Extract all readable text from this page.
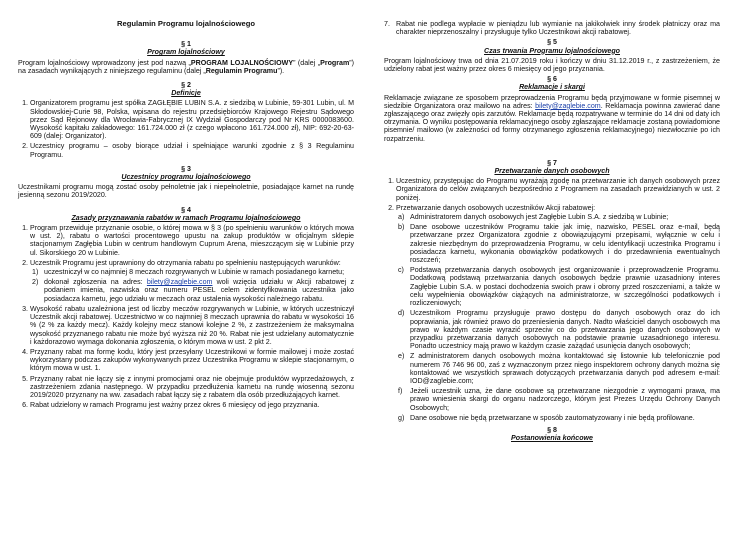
Regulamin Programu lojalnościowego
§ 1
Program lojalnościowy

Program lojalnościowy wprowadzony jest pod nazwą „PROGRAM LOJALNOŚCIOWY” (dalej „Program”) na zasadach wynikających z niniejszego regulaminu (dalej „Regulamin Programu”).

§ 2
Definicje
1. Organizatorem programu jest spółka ZAGŁĘBIE LUBIN S.A. z siedzibą w Lubinie, 59-301 Lubin, ul. M Skłodowskiej-Curie 98, Polska, wpisana do rejestru przedsiębiorców Krajowego Rejestru Sądowego przez Sąd Rejonowy dla Wrocławia-Fabrycznej IX Wydział Gospodarczy pod Nr KRS 0000083600. Wysokość kapitału zakładowego: 161.724.000 zł (z czego wpłacono 161.724.000 zł), NIP: 692-20-63-609 (dalej: Organizator).
2. Uczestnicy programu – osoby biorące udział i spełniające warunki zgodnie z § 3 Regulaminu Programu.
§ 3
Uczestnicy programu lojalnościowego

Uczestnikami programu mogą zostać osoby pełnoletnie jak i niepełnoletnie, posiadające karnet na rundę jesienną sezonu 2019/2020.

§ 4
Zasady przyznawania rabatów w ramach Programu lojalnościowego
1. Program przewiduje przyznanie osobie, o której mowa w § 3 (po spełnieniu warunków o których mowa w ust. 2), rabatu o wartości procentowego upustu na zakup produktów w oficjalnym sklepie stacjonarnym Zagłębia Lubin w centrum handlowym Cuprum Arena, mieszczącym się w Lubinie przy ul. Sikorskiego 20 w Lubinie.
2. Uczestnik Programu jest uprawniony do otrzymania rabatu po spełnieniu następujących warunków:
1) uczestniczył w co najmniej 8 meczach rozgrywanych w Lubinie w ramach posiadanego karnetu;
2) dokonał zgłoszenia na adres: bilety@zaglebie.com woli wzięcia udziału w Akcji rabatowej z podaniem imienia, nazwiska oraz numeru PESEL celem zidentyfikowania uczestnika jako posiadacza karnetu, jego udziału w meczach oraz ustalenia wysokości należnego rabatu.
3. Wysokość rabatu uzależniona jest od liczby meczów rozgrywanych w Lubinie, w których uczestniczył Uczestnik akcji rabatowej. Uczestnictwo w co najmniej 8 meczach uprawnia do rabatu w wysokości 16 % (2 % za każdy mecz). Każdy kolejny mecz stanowi kolejne 2 %, z zastrzeżeniem że maksymalna wysokość przyznanego rabatu nie może być wyższa niż 20 %. Rabat nie jest udzielany automatycznie i każdorazowo wymaga dokonania zgłoszenia, o którym mowa w ust. 2 pkt 2.
4. Przyznany rabat ma formę kodu, który jest przesyłany Uczestnikowi w formie mailowej i może zostać wykorzystany podczas zakupów wykonywanych przez Uczestnika Programu w sklepie stacjonarnym, o którym mowa w ust. 1.
5. Przyznany rabat nie łączy się z innymi promocjami oraz nie obejmuje produktów wyprzedażowych, z zastrzeżeniem zdania następnego. W przypadku przedłużenia karnetu na rundę wiosenną sezonu 2019/2020 przyznany na ww. zasadach rabat łączy się z rabatem dla osób przedłużających karnet.
6. Rabat udzielony w ramach Programu jest ważny przez okres 6 miesięcy od jego przyznania.
7. Rabat nie podlega wypłacie w pieniądzu lub wymianie na jakikolwiek inny środek płatniczy oraz ma charakter nieprzenoszalny i przysługuje tylko Uczestnikowi akcji rabatowej.
§ 5
Czas trwania Programu lojalnościowego

Program lojalnościowy trwa od dnia 21.07.2019 roku i kończy w dniu 31.12.2019 r., z zastrzeżeniem, że udzielony rabat jest ważny przez okres 6 miesięcy od jego przyznania.

§ 6
Reklamacje i skargi

Reklamacje związane ze sposobem przeprowadzenia Programu będą przyjmowane w formie pisemnej w siedzibie Organizatora oraz mailowo na adres: bilety@zaglebie.com. Reklamacja powinna zawierać dane zgłaszającego oraz zwięzły opis zarzutów. Reklamacje będą rozpatrywane w terminie do 14 dni od daty ich otrzymania. O wyniku postępowania reklamacyjnego osoby zgłaszające reklamacje zostaną powiadomione pisemnie/ mailowo (w zależności od formy otrzymanego zgłoszenia reklamacyjnego) niezwłocznie po ich rozpatrzeniu.

§ 7
Przetwarzanie danych osobowych
1. Uczestnicy, przystępując do Programu wyrażają zgodę na przetwarzanie ich danych osobowych przez Organizatora do celów związanych bezpośrednio z Programem na zasadach przewidzianych w ust. 2 poniżej.
2. Przetwarzanie danych osobowych uczestników Akcji rabatowej:
a) Administratorem danych osobowych jest Zagłębie Lubin S.A. z siedzibą w Lubinie;
b) Dane osobowe uczestników Programu takie jak imię, nazwisko, PESEL oraz e-mail, będą przetwarzane przez Organizatora zgodnie z obowiązującymi przepisami, wyłącznie w celu i zakresie niezbędnym do przeprowadzenia Programu, w celu identyfikacji uczestnika Programu i posiadacza karnetu, wykonania obowiązków podatkowych i do przedawnienia ewentualnych roszczeń;
c) Podstawą przetwarzania danych osobowych jest organizowanie i przeprowadzenie Programu. Dodatkową podstawą przetwarzania danych osobowych będzie prawnie uzasadniony interes Zagłębie Lubin S.A. w postaci dochodzenia swoich praw i obrony przed roszczeniami, a także w celu wypełnienia obowiązków ciążących na administratorze, w szczególności podatkowych i rozliczeniowych;
d) Uczestnikom Programu przysługuje prawo dostępu do danych osobowych oraz do ich poprawiania, jak również prawo do przeniesienia danych. Nadto właściciel danych osobowych ma prawo w każdym czasie wyrazić sprzeciw co do przetwarzania jego danych osobowych w przypadku przetwarzania danych osobowych na podstawie prawnie uzasadnionego interesu. Ponadto uczestnicy mają prawo w każdym czasie zażądać usunięcia danych osobowych;
e) Z administratorem danych osobowych można kontaktować się listownie lub telefonicznie pod numerem 76 746 96 00, zaś z wyznaczonym przez niego inspektorem ochrony danych można się kontaktować we wszystkich sprawach dotyczących przetwarzania danych pod adresem e-mail: IOD@zaglebie.com;
f) Jeżeli uczestnik uzna, że dane osobowe są przetwarzane niezgodnie z wymogami prawa, ma prawo wniesienia skargi do organu nadzorczego, którym jest Prezes Urzędu Ochrony Danych Osobowych;
g) Dane osobowe nie będą przetwarzane w sposób zautomatyzowany i nie będą profilowane.
§ 8
Postanowienia końcowe
